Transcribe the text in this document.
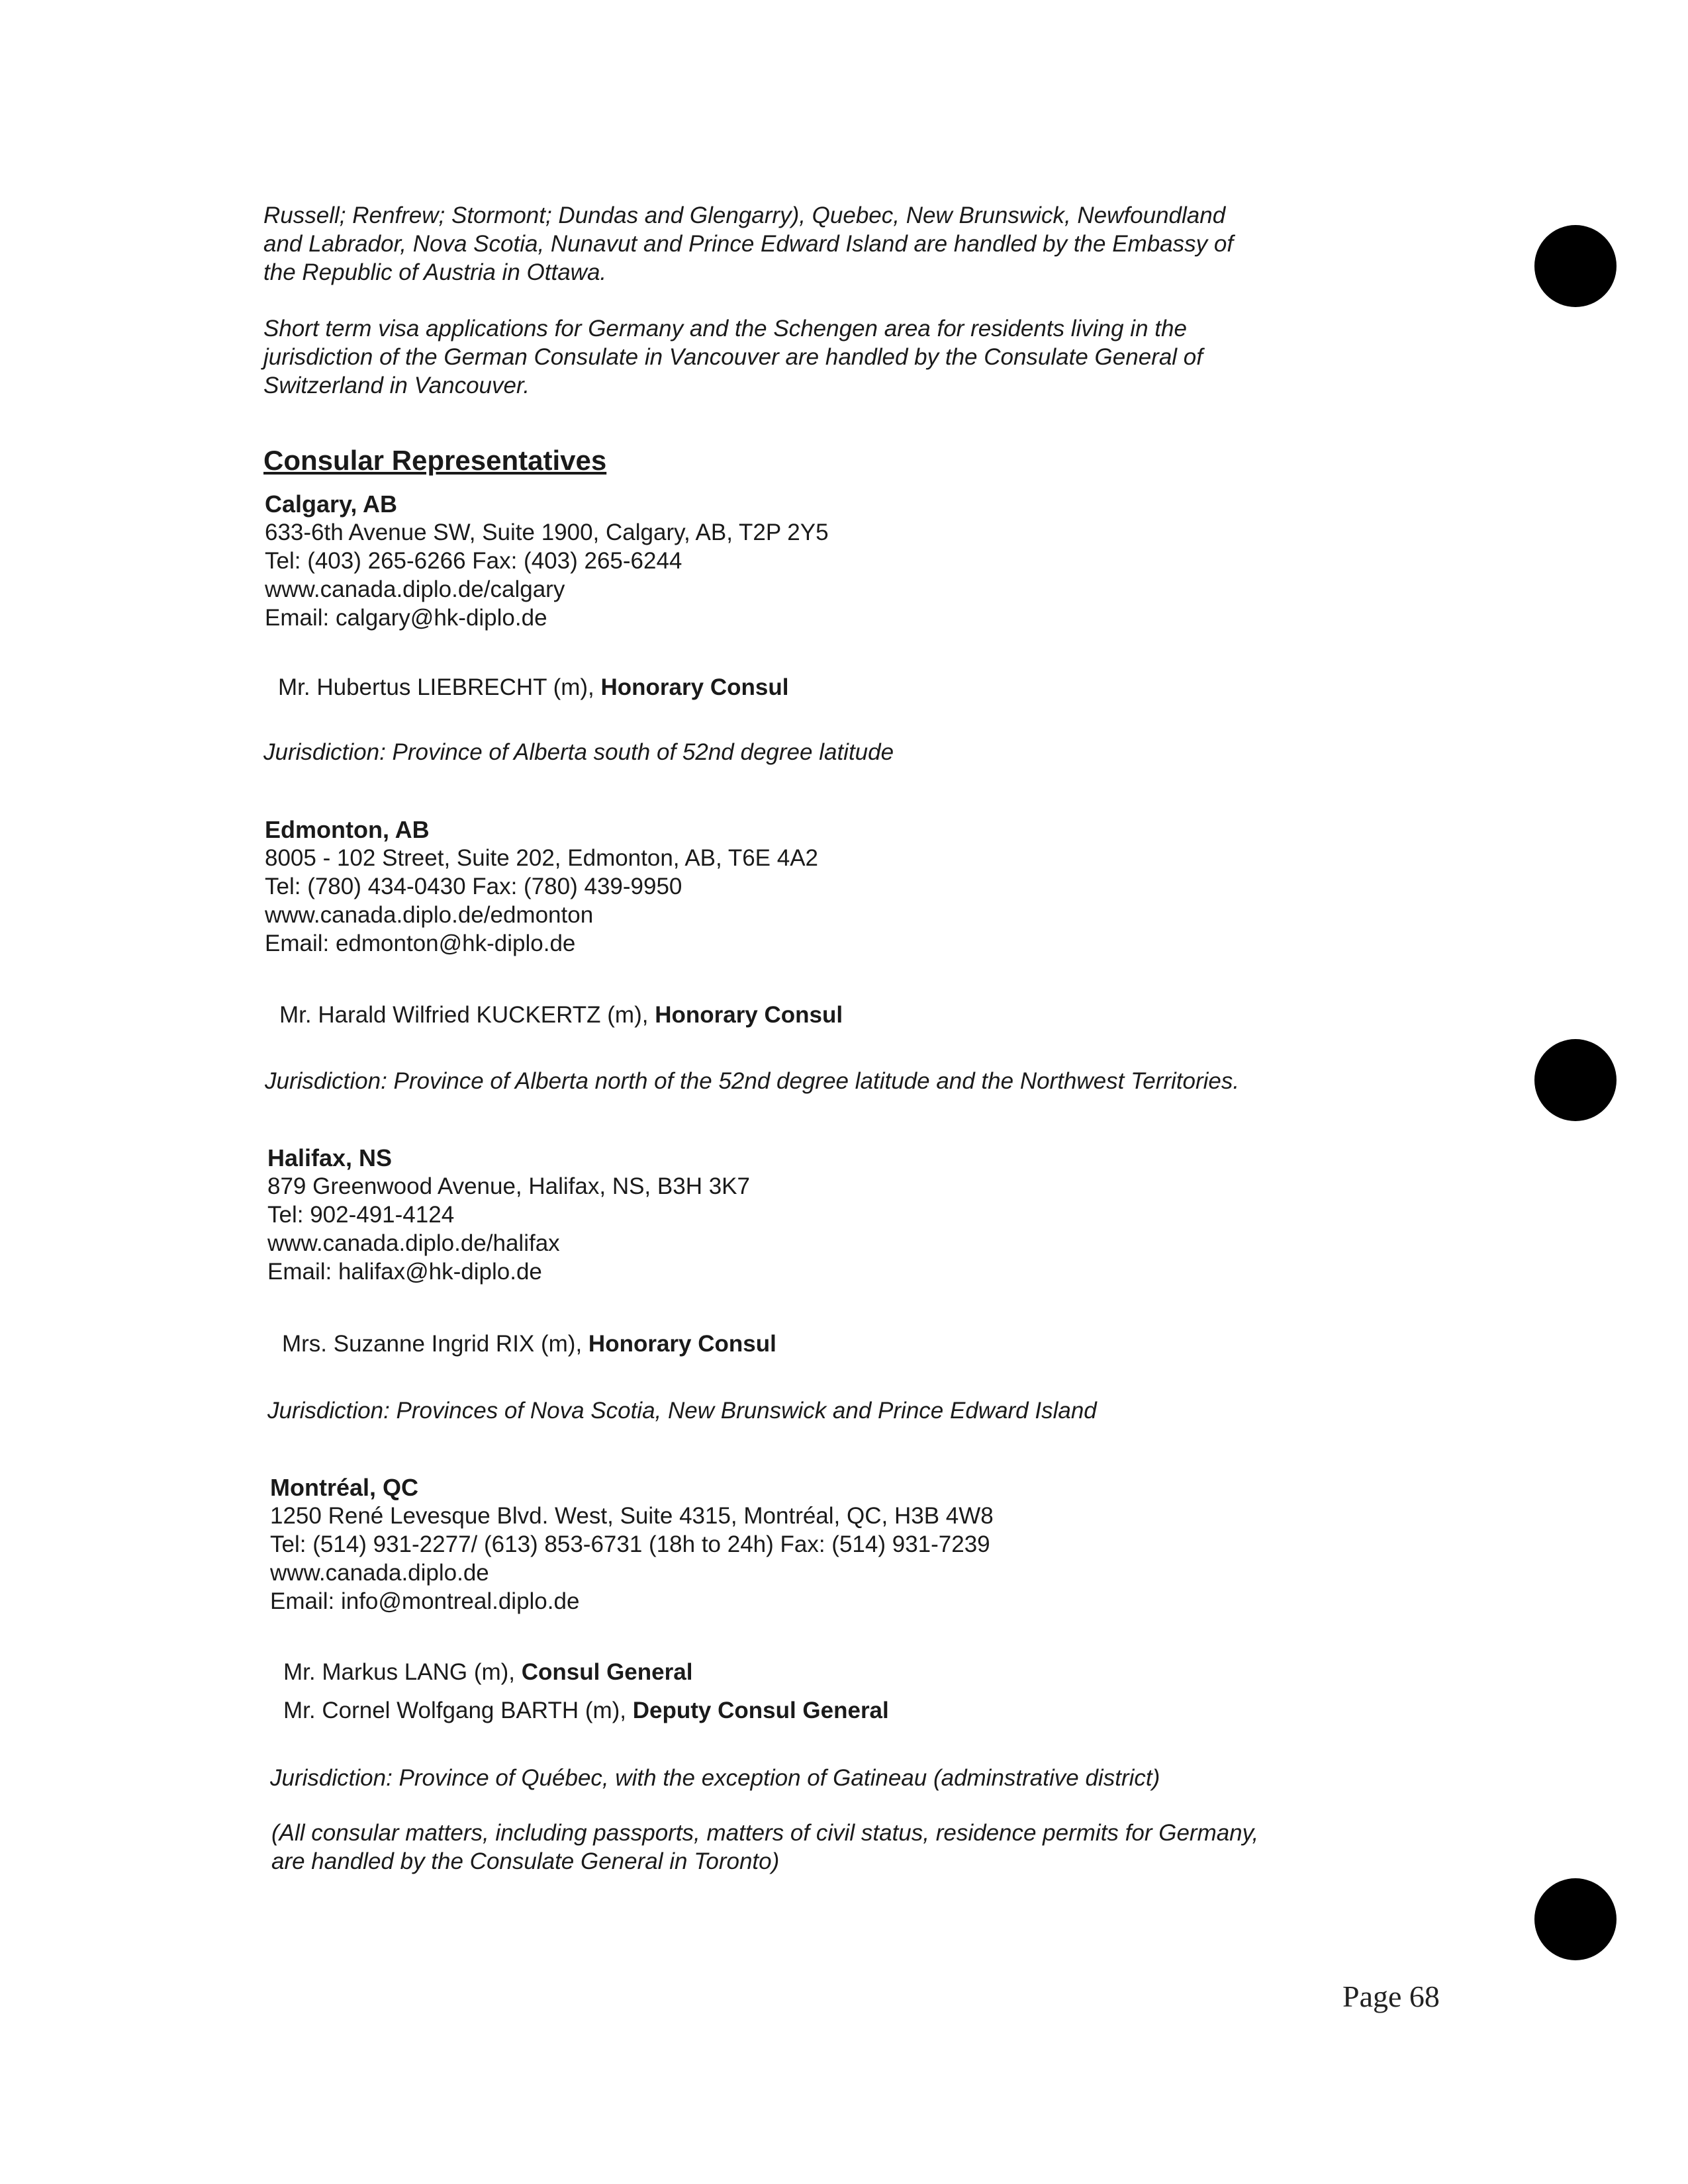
Russell; Renfrew; Stormont; Dundas and Glengarry), Quebec, New Brunswick, Newfoundland

and Labrador, Nova Scotia, Nunavut and Prince Edward Island are handled by the Embassy of

the Republic of Austria in Ottawa.

Short term visa applications for Germany and the Schengen area for residents living in the

jurisdiction of the German Consulate in Vancouver are handled by the Consulate General of

Switzerland in Vancouver.

Consular Representatives
Calgary, AB
633-6th Avenue SW, Suite 1900, Calgary, AB, T2P 2Y5
Tel: (403) 265-6266 Fax: (403) 265-6244
www.canada.diplo.de/calgary
Email: calgary@hk-diplo.de
Mr. Hubertus LIEBRECHT (m), Honorary Consul
Jurisdiction: Province of Alberta south of 52nd degree latitude
Edmonton, AB
8005 - 102 Street, Suite 202, Edmonton, AB, T6E 4A2
Tel: (780) 434-0430 Fax: (780) 439-9950
www.canada.diplo.de/edmonton
Email: edmonton@hk-diplo.de
Mr. Harald Wilfried KUCKERTZ (m), Honorary Consul
Jurisdiction: Province of Alberta north of the 52nd degree latitude and the Northwest Territories.
Halifax, NS
879 Greenwood Avenue, Halifax, NS, B3H 3K7
Tel: 902-491-4124
www.canada.diplo.de/halifax
Email: halifax@hk-diplo.de
Mrs. Suzanne Ingrid RIX (m), Honorary Consul
Jurisdiction: Provinces of Nova Scotia, New Brunswick and Prince Edward Island
Montréal, QC
1250 René Levesque Blvd. West, Suite 4315, Montréal, QC, H3B 4W8
Tel: (514) 931-2277/ (613) 853-6731 (18h to 24h) Fax: (514) 931-7239
www.canada.diplo.de
Email: info@montreal.diplo.de
Mr. Markus LANG (m), Consul General
Mr. Cornel Wolfgang BARTH (m), Deputy Consul General
Jurisdiction: Province of Québec, with the exception of Gatineau (adminstrative district)

(All consular matters, including passports, matters of civil status, residence permits for Germany,

are handled by the Consulate General in Toronto)

Page 68
